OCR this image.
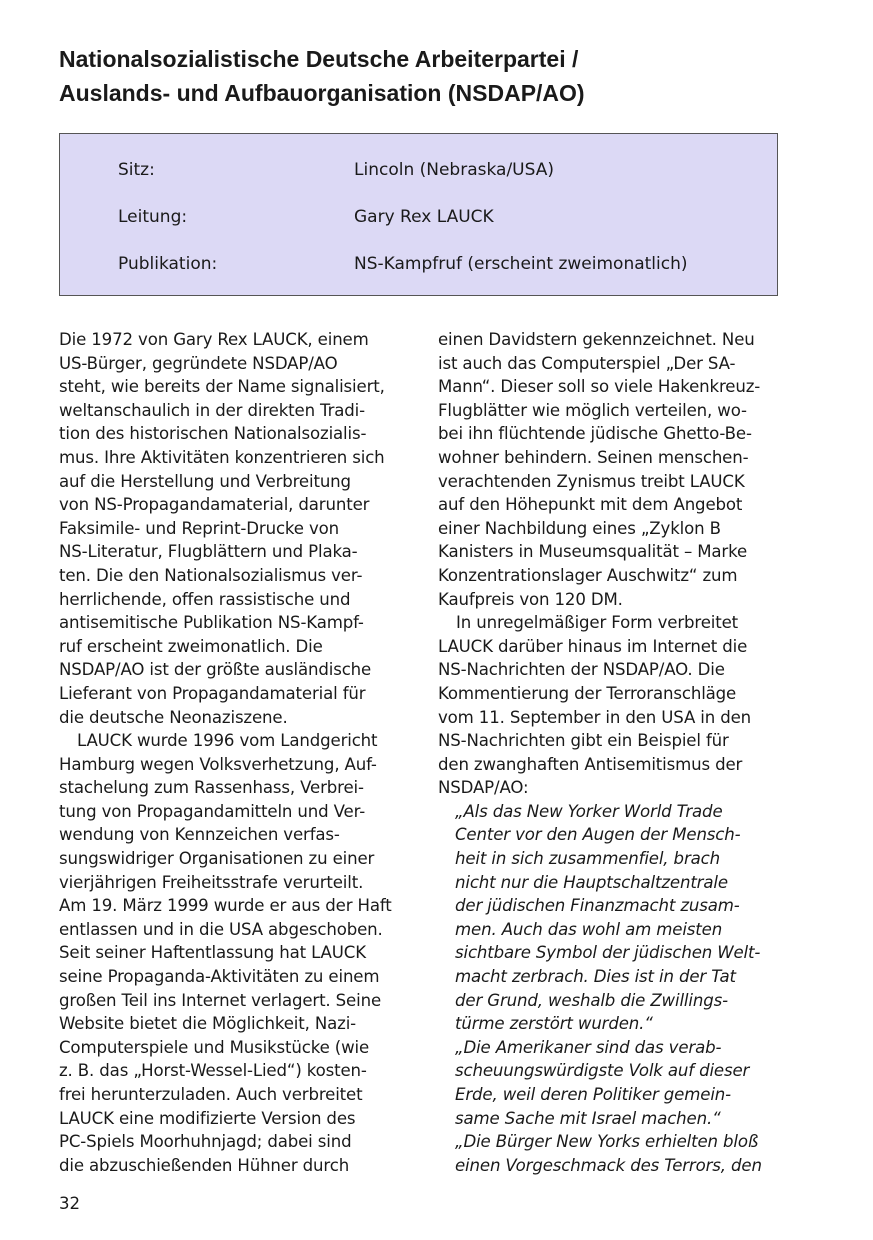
Nationalsozialistische Deutsche Arbeiterpartei /
Auslands- und Aufbauorganisation (NSDAP/AO)
Sitz:	Lincoln (Nebraska/USA)
Leitung:	Gary Rex LAUCK
Publikation:	NS-Kampfruf (erscheint zweimonatlich)
Die 1972 von Gary Rex LAUCK, einem
US-Bürger, gegründete NSDAP/AO
steht, wie bereits der Name signalisiert,
weltanschaulich in der direkten Tradi-
tion des historischen Nationalsozialis-
mus. Ihre Aktivitäten konzentrieren sich
auf die Herstellung und Verbreitung
von NS-Propagandamaterial, darunter
Faksimile- und Reprint-Drucke von
NS-Literatur, Flugblättern und Plaka-
ten. Die den Nationalsozialismus ver-
herrlichende, offen rassistische und
antisemitische Publikation NS-Kampf-
ruf erscheint zweimonatlich. Die
NSDAP/AO ist der größte ausländische
Lieferant von Propagandamaterial für
die deutsche Neonaziszene.
LAUCK wurde 1996 vom Landgericht
Hamburg wegen Volksverhetzung, Auf-
stachelung zum Rassenhass, Verbrei-
tung von Propagandamitteln und Ver-
wendung von Kennzeichen verfas-
sungswidriger Organisationen zu einer
vierjährigen Freiheitsstrafe verurteilt.
Am 19. März 1999 wurde er aus der Haft
entlassen und in die USA abgeschoben.
Seit seiner Haftentlassung hat LAUCK
seine Propaganda-Aktivitäten zu einem
großen Teil ins Internet verlagert. Seine
Website bietet die Möglichkeit, Nazi-
Computerspiele und Musikstücke (wie
z. B. das „Horst-Wessel-Lied“) kosten-
frei herunterzuladen. Auch verbreitet
LAUCK eine modifizierte Version des
PC-Spiels Moorhuhnjagd; dabei sind
die abzuschießenden Hühner durch
einen Davidstern gekennzeichnet. Neu
ist auch das Computerspiel „Der SA-
Mann“. Dieser soll so viele Hakenkreuz-
Flugblätter wie möglich verteilen, wo-
bei ihn flüchtende jüdische Ghetto-Be-
wohner behindern. Seinen menschen-
verachtenden Zynismus treibt LAUCK
auf den Höhepunkt mit dem Angebot
einer Nachbildung eines „Zyklon B
Kanisters in Museumsqualität – Marke
Konzentrationslager Auschwitz“ zum
Kaufpreis von 120 DM.
In unregelmäßiger Form verbreitet
LAUCK darüber hinaus im Internet die
NS-Nachrichten der NSDAP/AO. Die
Kommentierung der Terroranschläge
vom 11. September in den USA in den
NS-Nachrichten gibt ein Beispiel für
den zwanghaften Antisemitismus der
NSDAP/AO:
„Als das New Yorker World Trade
Center vor den Augen der Mensch-
heit in sich zusammenfiel, brach
nicht nur die Hauptschaltzentrale
der jüdischen Finanzmacht zusam-
men. Auch das wohl am meisten
sichtbare Symbol der jüdischen Welt-
macht zerbrach. Dies ist in der Tat
der Grund, weshalb die Zwillings-
türme zerstört wurden.“
„Die Amerikaner sind das verab-
scheuungswürdigste Volk auf dieser
Erde, weil deren Politiker gemein-
same Sache mit Israel machen.“
„Die Bürger New Yorks erhielten bloß
einen Vorgeschmack des Terrors, den
32
